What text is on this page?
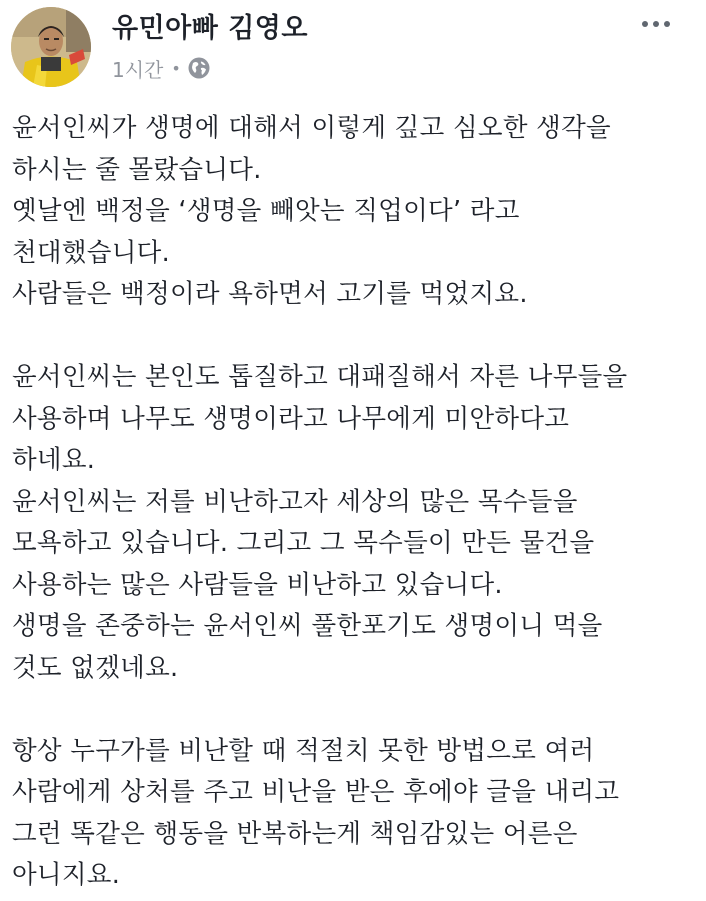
유민아빠 김영오
1시간 •
윤서인씨가 생명에 대해서 이렇게 깊고 심오한 생각을
하시는 줄 몰랐습니다.
옛날엔 백정을 ‘생명을 빼앗는 직업이다’ 라고
천대했습니다.
사람들은 백정이라 욕하면서 고기를 먹었지요.
윤서인씨는 본인도 톱질하고 대패질해서 자른 나무들을
사용하며 나무도 생명이라고 나무에게 미안하다고
하네요.
윤서인씨는 저를 비난하고자 세상의 많은 목수들을
모욕하고 있습니다. 그리고 그 목수들이 만든 물건을
사용하는 많은 사람들을 비난하고 있습니다.
생명을 존중하는 윤서인씨 풀한포기도 생명이니 먹을
것도 없겠네요.
항상 누구가를 비난할 때 적절치 못한 방법으로 여러
사람에게 상처를 주고 비난을 받은 후에야 글을 내리고
그런 똑같은 행동을 반복하는게 책임감있는 어른은
아니지요.
